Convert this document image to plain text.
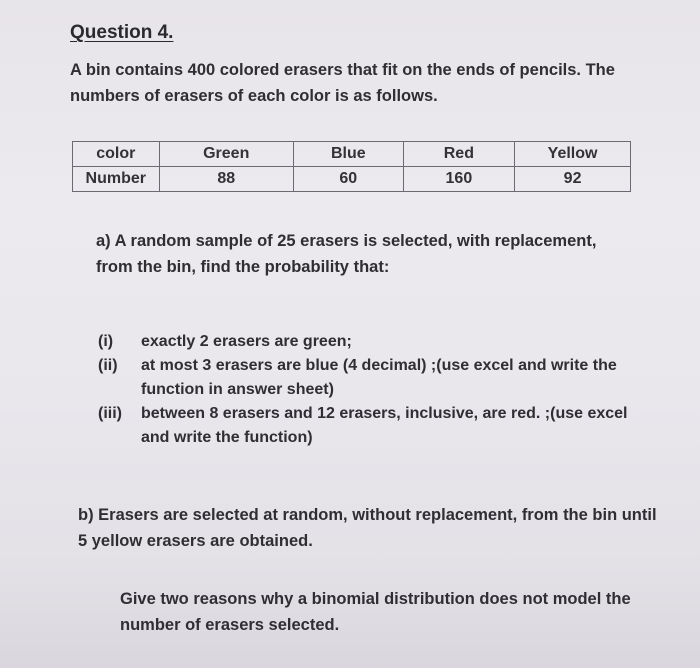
Question 4.
A bin contains 400 colored erasers that fit on the ends of pencils. The numbers of erasers of each color is as follows.
color	Green	Blue	Red	Yellow
Number	88	60	160	92
a) A random sample of 25 erasers is selected, with replacement, from the bin, find the probability that:
(i)	exactly 2 erasers are green;
(ii)	at most 3 erasers are blue (4 decimal) ;(use excel and write the function in answer sheet)
(iii)	between 8 erasers and 12 erasers, inclusive, are red. ;(use excel and write the function)
b) Erasers are selected at random, without replacement, from the bin until 5 yellow erasers are obtained.
Give two reasons why a binomial distribution does not model the number of erasers selected.
